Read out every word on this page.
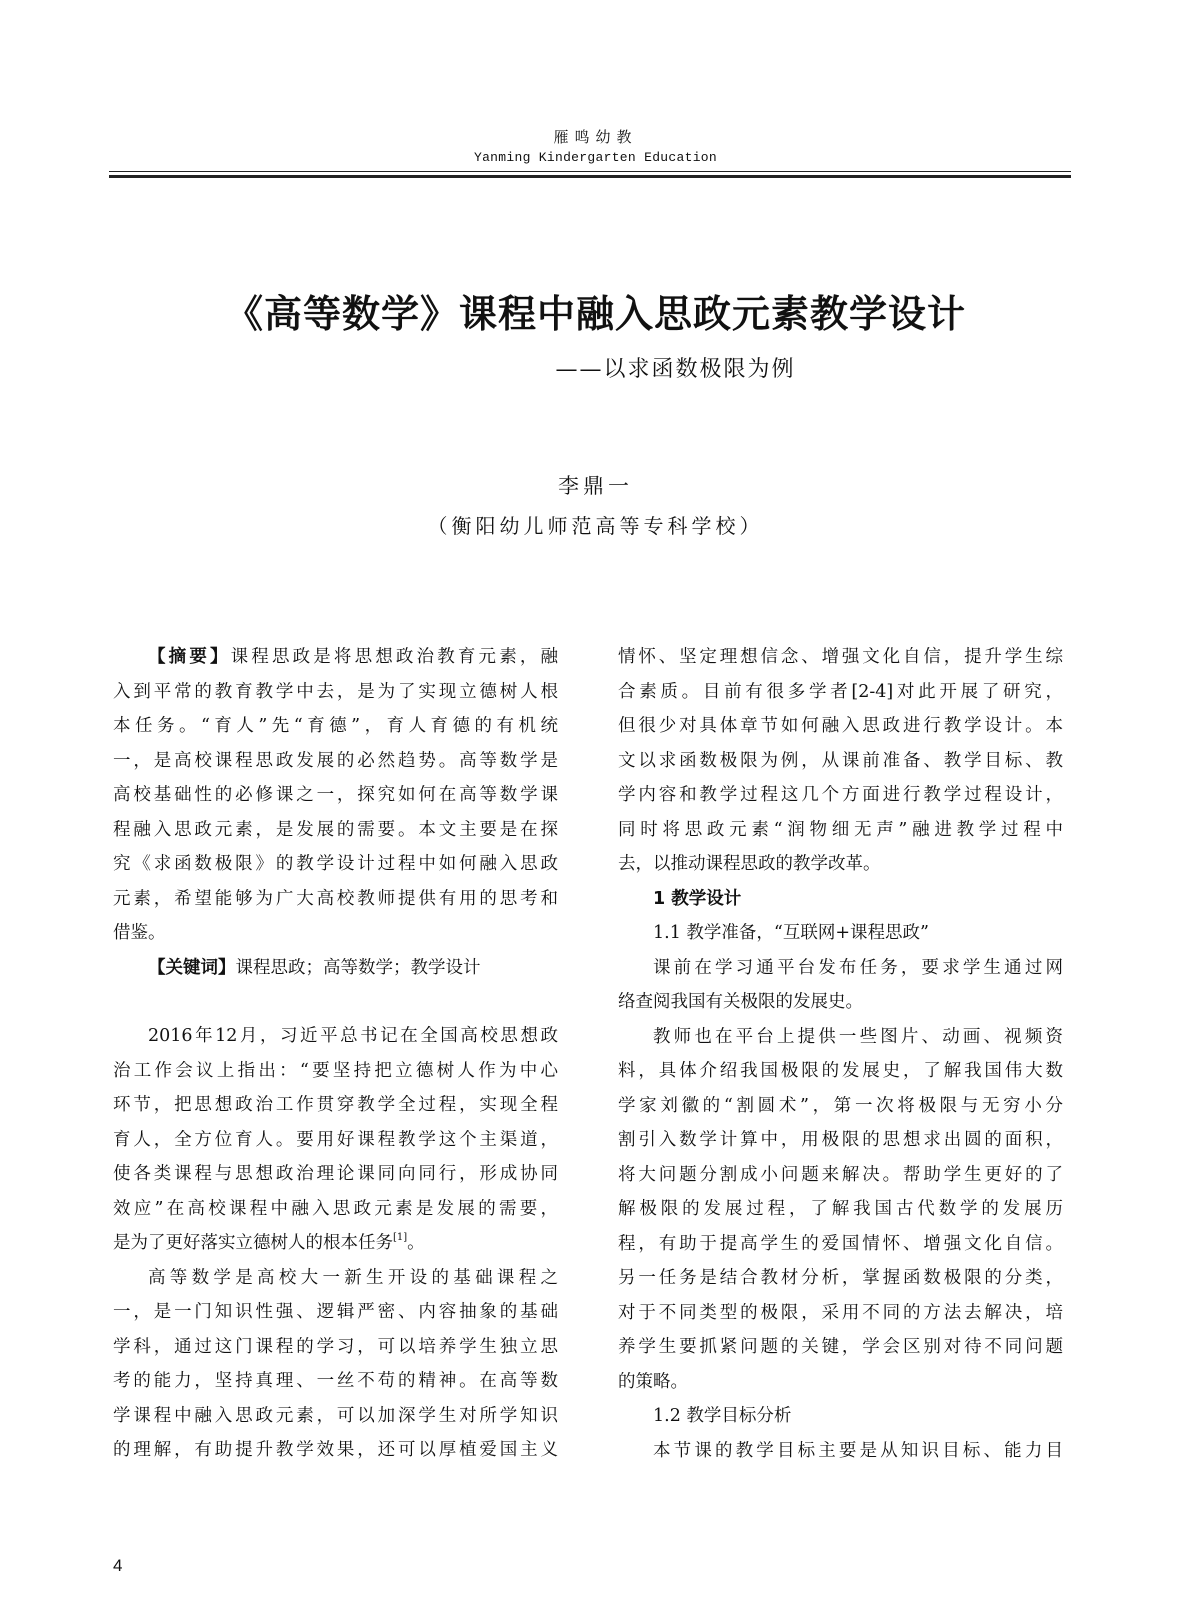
雁鸣幼教
Yanming Kindergarten Education
《高等数学》课程中融入思政元素教学设计
——以求函数极限为例
李鼎一
（衡阳幼儿师范高等专科学校）
【摘要】课程思政是将思想政治教育元素，融
入到平常的教育教学中去，是为了实现立德树人根
本任务。“育人”先“育德”，育人育德的有机统
一，是高校课程思政发展的必然趋势。高等数学是
高校基础性的必修课之一，探究如何在高等数学课
程融入思政元素，是发展的需要。本文主要是在探
究《求函数极限》的教学设计过程中如何融入思政
元素，希望能够为广大高校教师提供有用的思考和
借鉴。
【关键词】课程思政；高等数学；教学设计
2016年12月，习近平总书记在全国高校思想政
治工作会议上指出：“要坚持把立德树人作为中心
环节，把思想政治工作贯穿教学全过程，实现全程
育人，全方位育人。要用好课程教学这个主渠道，
使各类课程与思想政治理论课同向同行，形成协同
效应”在高校课程中融入思政元素是发展的需要，
是为了更好落实立德树人的根本任务[1]。
高等数学是高校大一新生开设的基础课程之
一，是一门知识性强、逻辑严密、内容抽象的基础
学科，通过这门课程的学习，可以培养学生独立思
考的能力，坚持真理、一丝不苟的精神。在高等数
学课程中融入思政元素，可以加深学生对所学知识
的理解，有助提升教学效果，还可以厚植爱国主义
情怀、坚定理想信念、增强文化自信，提升学生综
合素质。目前有很多学者[2-4]对此开展了研究，
但很少对具体章节如何融入思政进行教学设计。本
文以求函数极限为例，从课前准备、教学目标、教
学内容和教学过程这几个方面进行教学过程设计，
同时将思政元素“润物细无声”融进教学过程中
去，以推动课程思政的教学改革。
1 教学设计
1.1 教学准备，“互联网+课程思政”
课前在学习通平台发布任务，要求学生通过网
络查阅我国有关极限的发展史。
教师也在平台上提供一些图片、动画、视频资
料，具体介绍我国极限的发展史，了解我国伟大数
学家刘徽的“割圆术”，第一次将极限与无穷小分
割引入数学计算中，用极限的思想求出圆的面积，
将大问题分割成小问题来解决。帮助学生更好的了
解极限的发展过程，了解我国古代数学的发展历
程，有助于提高学生的爱国情怀、增强文化自信。
另一任务是结合教材分析，掌握函数极限的分类，
对于不同类型的极限，采用不同的方法去解决，培
养学生要抓紧问题的关键，学会区别对待不同问题
的策略。
1.2 教学目标分析
本节课的教学目标主要是从知识目标、能力目
4
